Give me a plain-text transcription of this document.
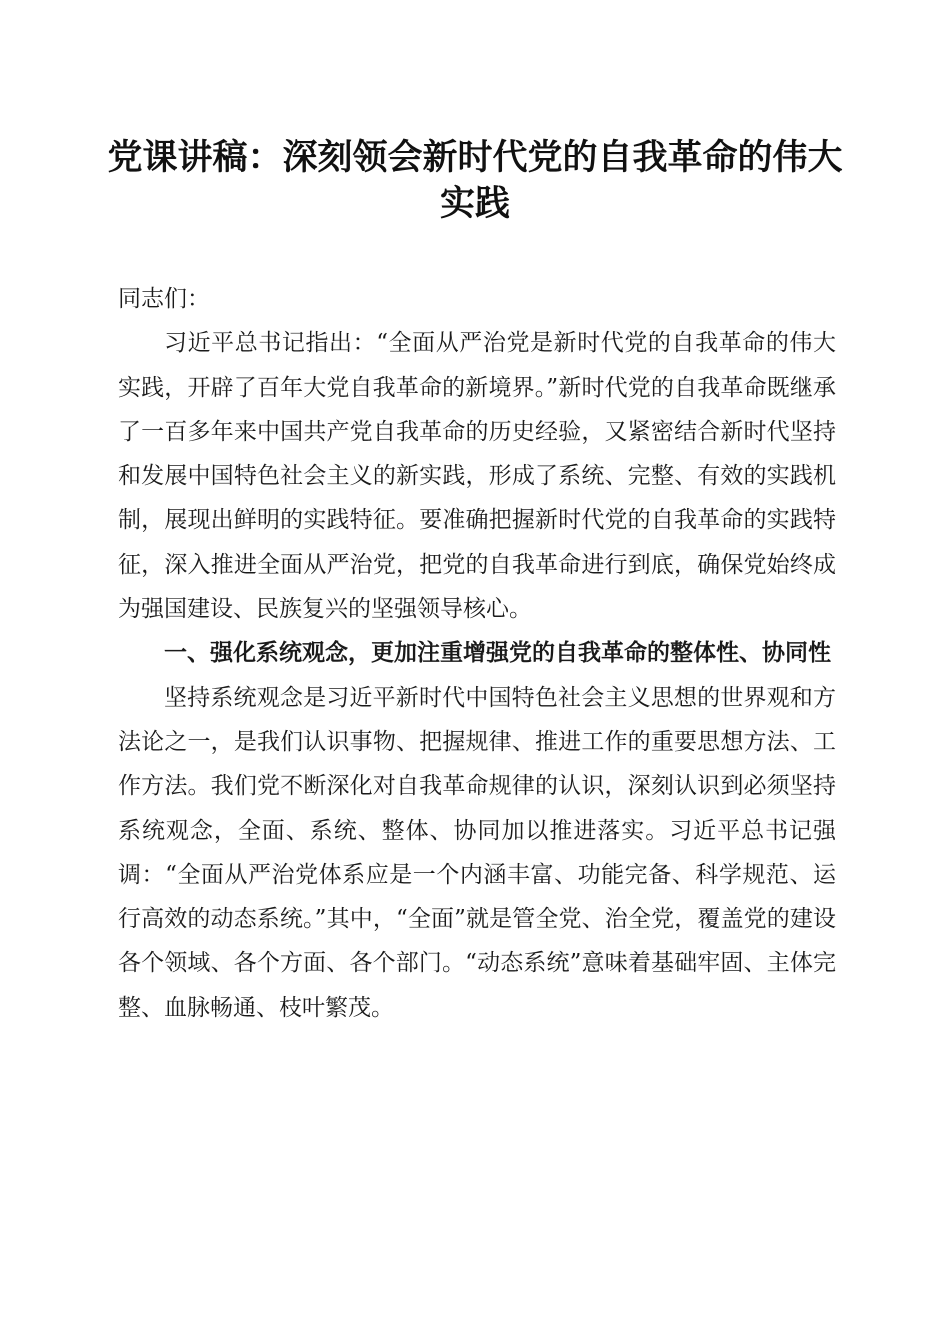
党课讲稿：深刻领会新时代党的自我革命的伟大实践

同志们：

习近平总书记指出：“全面从严治党是新时代党的自我革命的伟大实践，开辟了百年大党自我革命的新境界。”新时代党的自我革命既继承了一百多年来中国共产党自我革命的历史经验，又紧密结合新时代坚持和发展中国特色社会主义的新实践，形成了系统、完整、有效的实践机制，展现出鲜明的实践特征。要准确把握新时代党的自我革命的实践特征，深入推进全面从严治党，把党的自我革命进行到底，确保党始终成为强国建设、民族复兴的坚强领导核心。

一、强化系统观念，更加注重增强党的自我革命的整体性、协同性

坚持系统观念是习近平新时代中国特色社会主义思想的世界观和方法论之一，是我们认识事物、把握规律、推进工作的重要思想方法、工作方法。我们党不断深化对自我革命规律的认识，深刻认识到必须坚持系统观念，全面、系统、整体、协同加以推进落实。习近平总书记强调：“全面从严治党体系应是一个内涵丰富、功能完备、科学规范、运行高效的动态系统。”其中，“全面”就是管全党、治全党，覆盖党的建设各个领域、各个方面、各个部门。“动态系统”意味着基础牢固、主体完整、血脉畅通、枝叶繁茂。
